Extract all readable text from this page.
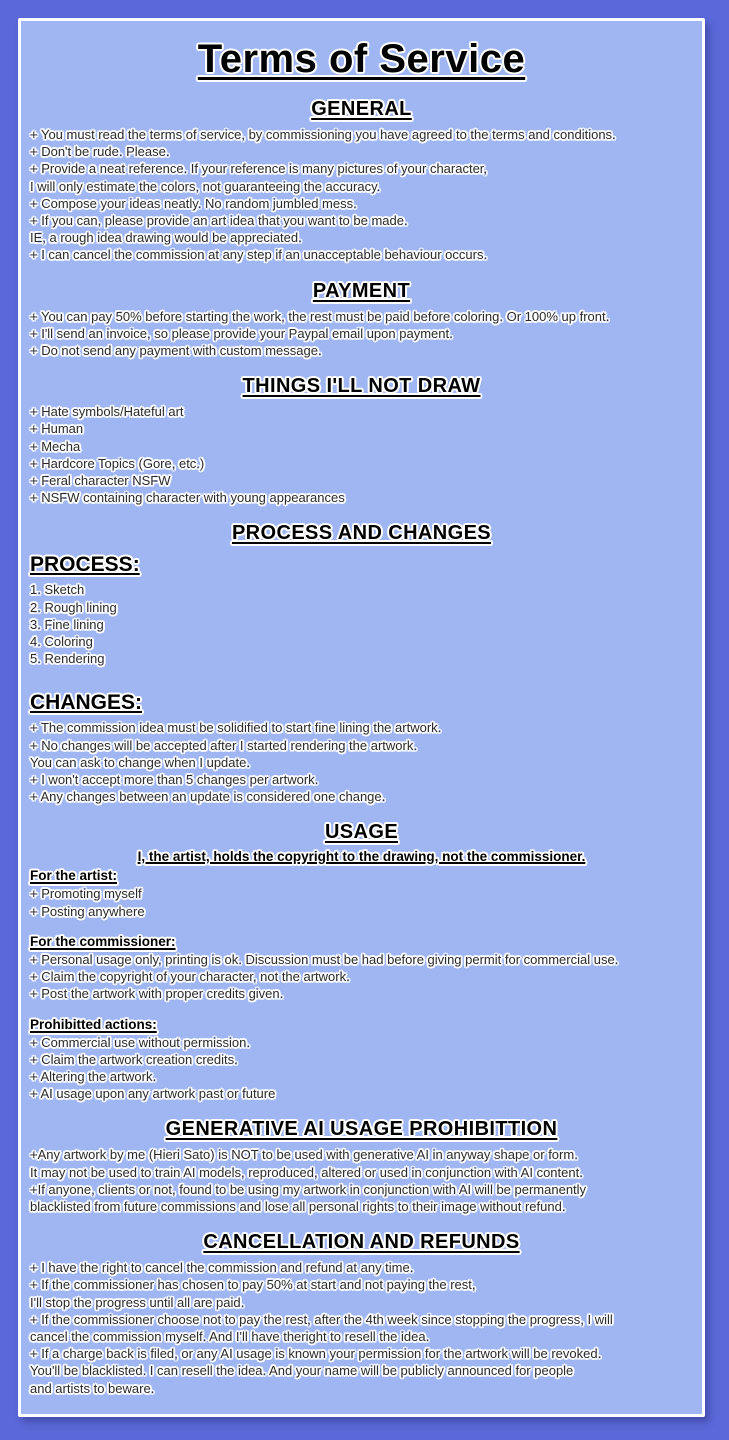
Terms of Service
GENERAL

+ You must read the terms of service, by commissioning you have agreed to the terms and conditions.

+ Don't be rude. Please.

+ Provide a neat reference. If your reference is many pictures of your character,

I will only estimate the colors, not guaranteeing the accuracy.

+ Compose your ideas neatly. No random jumbled mess.

+ If you can, please provide an art idea that you want to be made.

IE, a rough idea drawing would be appreciated.

+ I can cancel the commission at any step if an unacceptable behaviour occurs.

PAYMENT

+ You can pay 50% before starting the work, the rest must be paid before coloring. Or 100% up front.

+ I'll send an invoice, so please provide your Paypal email upon payment.

+ Do not send any payment with custom message.

THINGS I'LL NOT DRAW

+ Hate symbols/Hateful art

+ Human

+ Mecha

+ Hardcore Topics (Gore, etc.)

+ Feral character NSFW

+ NSFW containing character with young appearances

PROCESS AND CHANGES
PROCESS:

1. Sketch

2. Rough lining

3. Fine lining

4. Coloring

5. Rendering

CHANGES:

+ The commission idea must be solidified to start fine lining the artwork.

+ No changes will be accepted after I started rendering the artwork.

You can ask to change when I update.

+ I won't accept more than 5 changes per artwork.

+ Any changes between an update is considered one change.

USAGE

I, the artist, holds the copyright to the drawing, not the commissioner.

For the artist:

+ Promoting myself

+ Posting anywhere

For the commissioner:

+ Personal usage only, printing is ok. Discussion must be had before giving permit for commercial use.

+ Claim the copyright of your character, not the artwork.

+ Post the artwork with proper credits given.

Prohibitted actions:

+ Commercial use without permission.

+ Claim the artwork creation credits.

+ Altering the artwork.

+ AI usage upon any artwork past or future

GENERATIVE AI USAGE PROHIBITTION

+Any artwork by me (Hieri Sato) is NOT to be used with generative AI in anyway shape or form.

It may not be used to train AI models, reproduced, altered or used in conjunction with AI content.

+If anyone, clients or not, found to be using my artwork in conjunction with AI will be permanently

blacklisted from future commissions and lose all personal rights to their image without refund.

CANCELLATION AND REFUNDS

+ I have the right to cancel the commission and refund at any time.

+ If the commissioner has chosen to pay 50% at start and not paying the rest,

I'll stop the progress until all are paid.

+ If the commissioner choose not to pay the rest, after the 4th week since stopping the progress, I will

cancel the commission myself. And I'll have theright to resell the idea.

+ If a charge back is filed, or any AI usage is known your permission for the artwork will be revoked.

You'll be blacklisted. I can resell the idea. And your name will be publicly announced for people

and artists to beware.
